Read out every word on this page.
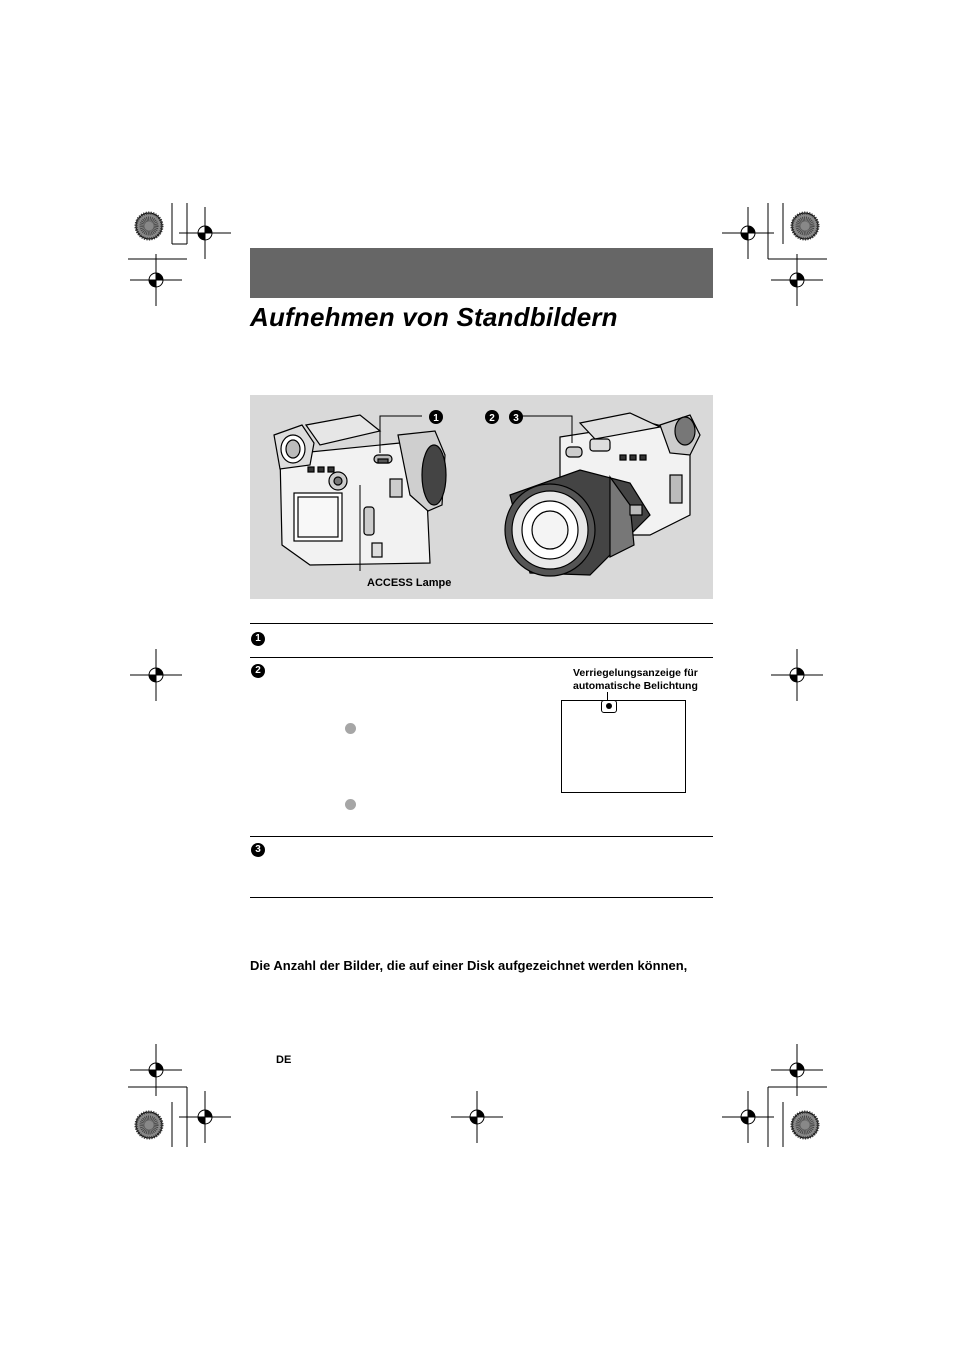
Aufnehmen von Standbildern
1	2 3
ACCESS Lampe
1
2	Verriegelungsanzeige für
automatische Belichtung
3
Die Anzahl der Bilder, die auf einer Disk aufgezeichnet werden können,
DE
